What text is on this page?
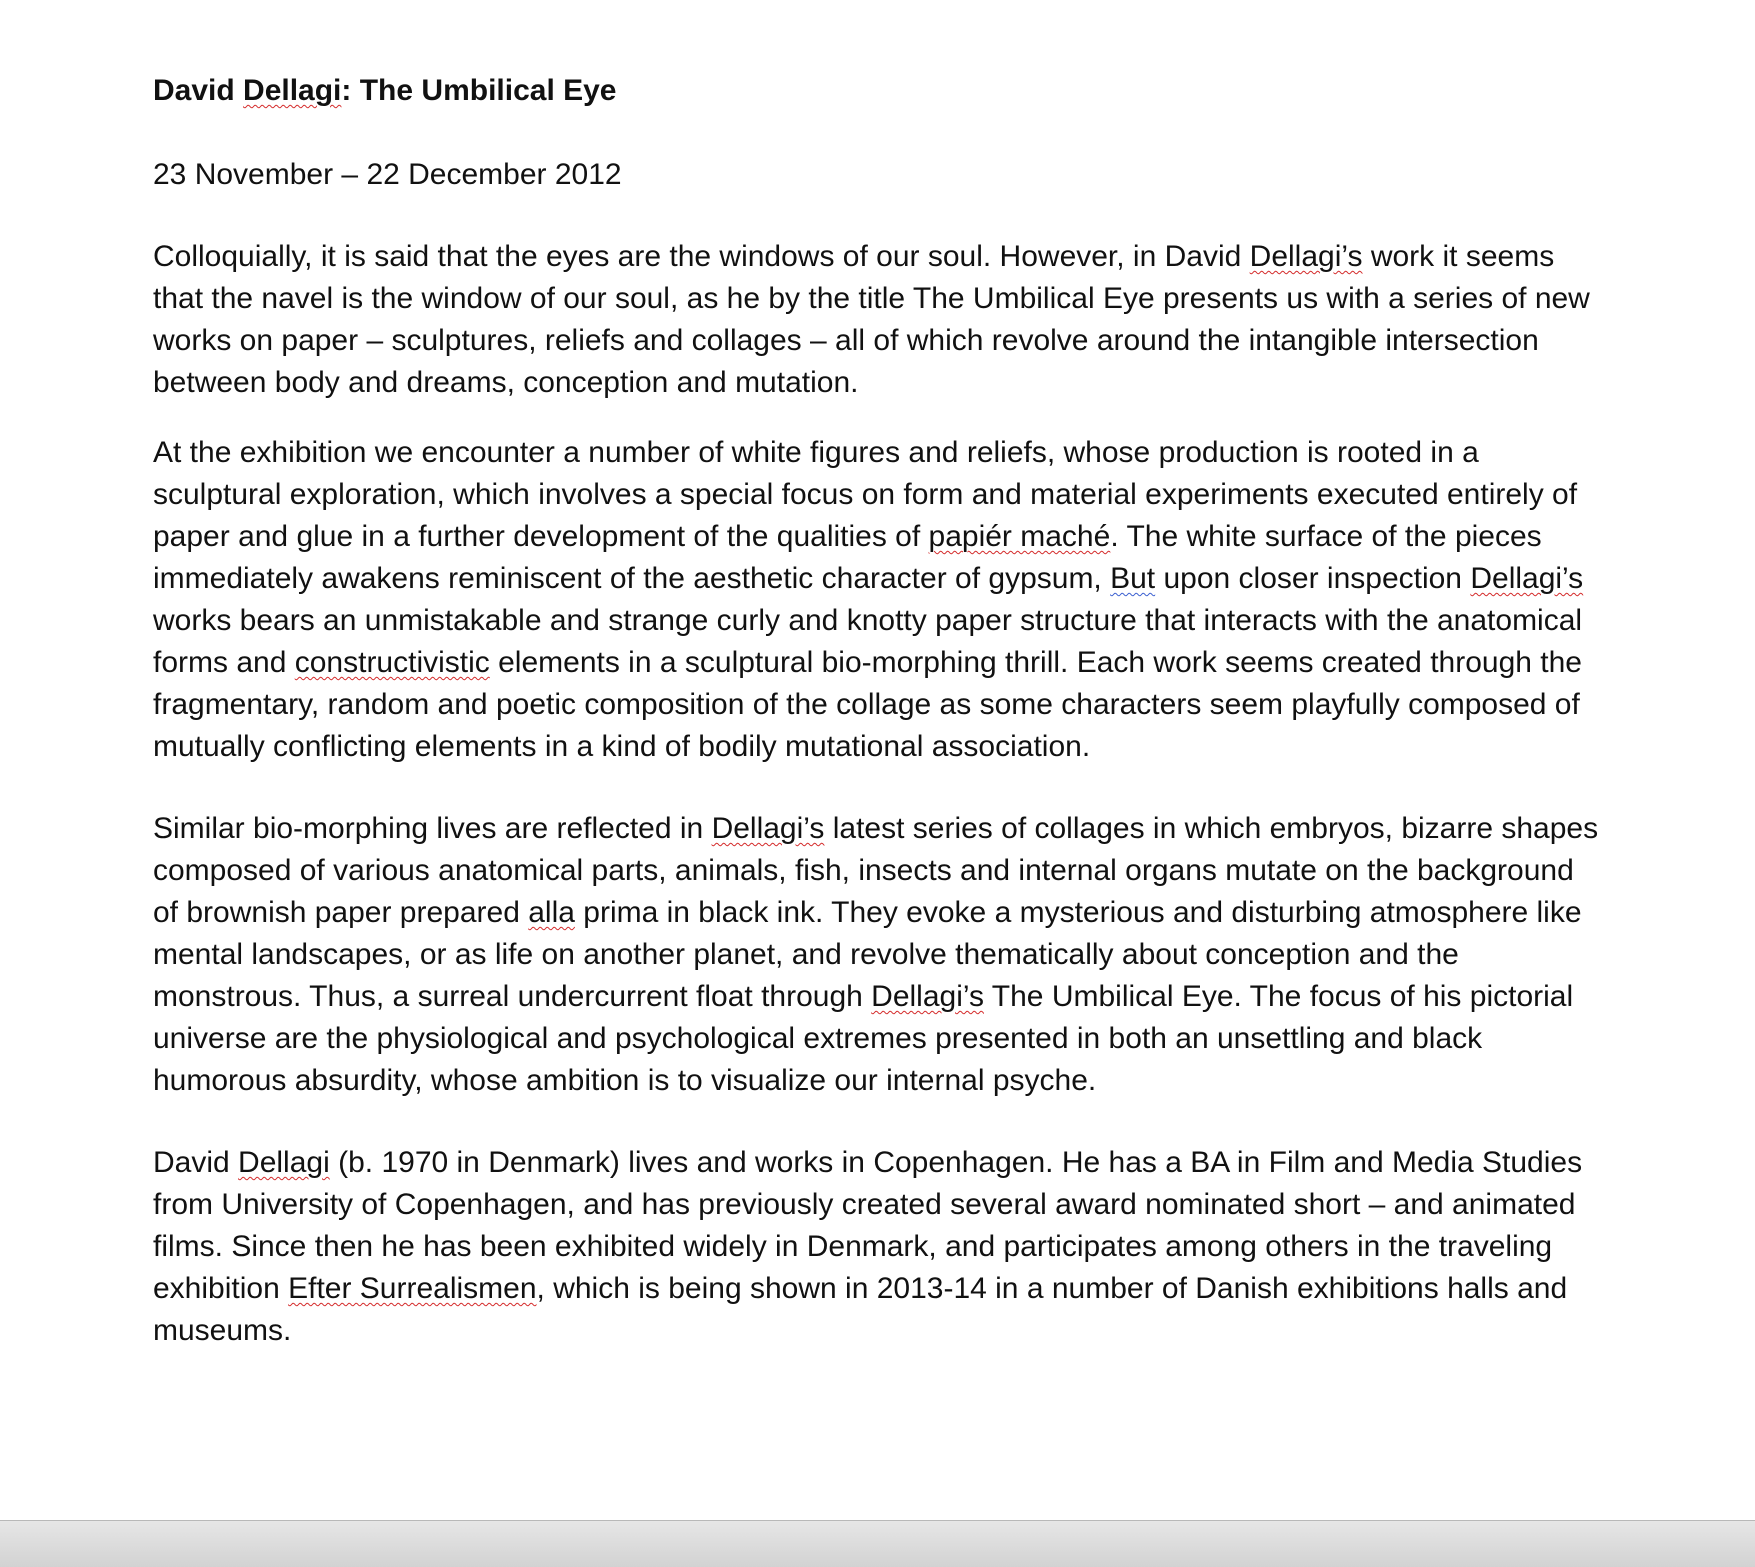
David Dellagi: The Umbilical Eye

23 November – 22 December 2012

Colloquially, it is said that the eyes are the windows of our soul. However, in David Dellagi’s work it seems that the navel is the window of our soul, as he by the title The Umbilical Eye presents us with a series of new works on paper – sculptures, reliefs and collages – all of which revolve around the intangible intersection between body and dreams, conception and mutation.

At the exhibition we encounter a number of white figures and reliefs, whose production is rooted in a sculptural exploration, which involves a special focus on form and material experiments executed entirely of paper and glue in a further development of the qualities of papiér maché. The white surface of the pieces immediately awakens reminiscent of the aesthetic character of gypsum, But upon closer inspection Dellagi’s works bears an unmistakable and strange curly and knotty paper structure that interacts with the anatomical forms and constructivistic elements in a sculptural bio-morphing thrill. Each work seems created through the fragmentary, random and poetic composition of the collage as some characters seem playfully composed of mutually conflicting elements in a kind of bodily mutational association.

Similar bio-morphing lives are reflected in Dellagi’s latest series of collages in which embryos, bizarre shapes composed of various anatomical parts, animals, fish, insects and internal organs mutate on the background of brownish paper prepared alla prima in black ink. They evoke a mysterious and disturbing atmosphere like mental landscapes, or as life on another planet, and revolve thematically about conception and the monstrous. Thus, a surreal undercurrent float through Dellagi’s The Umbilical Eye. The focus of his pictorial universe are the physiological and psychological extremes presented in both an unsettling and black humorous absurdity, whose ambition is to visualize our internal psyche.

David Dellagi (b. 1970 in Denmark) lives and works in Copenhagen. He has a BA in Film and Media Studies from University of Copenhagen, and has previously created several award nominated short – and animated films. Since then he has been exhibited widely in Denmark, and participates among others in the traveling exhibition Efter Surrealismen, which is being shown in 2013-14 in a number of Danish exhibitions halls and museums.
